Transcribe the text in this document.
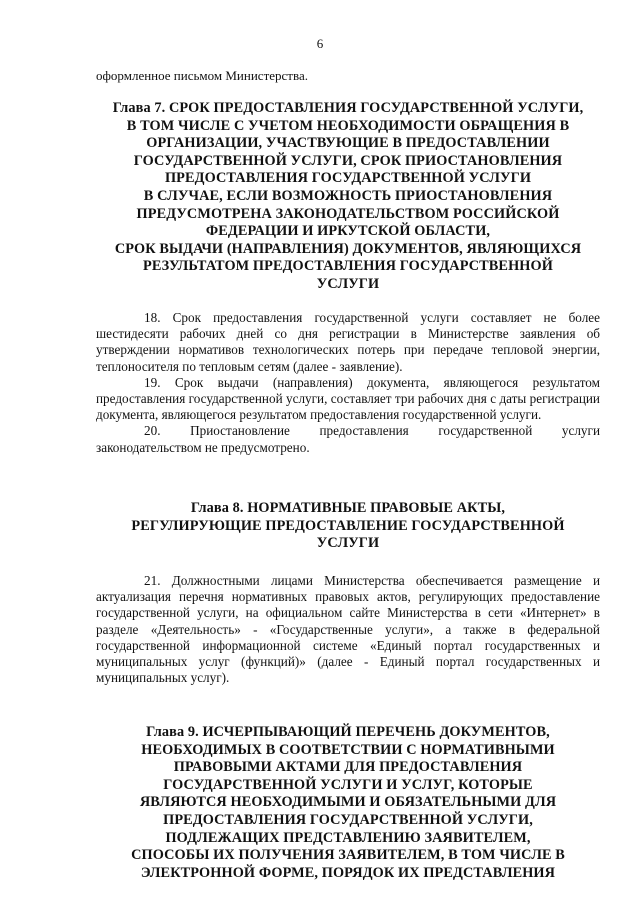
6
оформленное письмом Министерства.
Глава 7. СРОК ПРЕДОСТАВЛЕНИЯ ГОСУДАРСТВЕННОЙ УСЛУГИ,
В ТОМ ЧИСЛЕ С УЧЕТОМ НЕОБХОДИМОСТИ ОБРАЩЕНИЯ В
ОРГАНИЗАЦИИ, УЧАСТВУЮЩИЕ В ПРЕДОСТАВЛЕНИИ
ГОСУДАРСТВЕННОЙ УСЛУГИ, СРОК ПРИОСТАНОВЛЕНИЯ
ПРЕДОСТАВЛЕНИЯ ГОСУДАРСТВЕННОЙ УСЛУГИ
В СЛУЧАЕ, ЕСЛИ ВОЗМОЖНОСТЬ ПРИОСТАНОВЛЕНИЯ
ПРЕДУСМОТРЕНА ЗАКОНОДАТЕЛЬСТВОМ РОССИЙСКОЙ
ФЕДЕРАЦИИ И ИРКУТСКОЙ ОБЛАСТИ,
СРОК ВЫДАЧИ (НАПРАВЛЕНИЯ) ДОКУМЕНТОВ, ЯВЛЯЮЩИХСЯ
РЕЗУЛЬТАТОМ ПРЕДОСТАВЛЕНИЯ ГОСУДАРСТВЕННОЙ
УСЛУГИ

18. Срок предоставления государственной услуги составляет не более шестидесяти рабочих дней со дня регистрации в Министерстве заявления об утверждении нормативов технологических потерь при передаче тепловой энергии, теплоносителя по тепловым сетям (далее - заявление).

19. Срок выдачи (направления) документа, являющегося результатом предоставления государственной услуги, составляет три рабочих дня с даты регистрации документа, являющегося результатом предоставления государственной услуги.

20. Приостановление предоставления государственной услуги законодательством не предусмотрено.

Глава 8. НОРМАТИВНЫЕ ПРАВОВЫЕ АКТЫ,
РЕГУЛИРУЮЩИЕ ПРЕДОСТАВЛЕНИЕ ГОСУДАРСТВЕННОЙ
УСЛУГИ

21. Должностными лицами Министерства обеспечивается размещение и актуализация перечня нормативных правовых актов, регулирующих предоставление государственной услуги, на официальном сайте Министерства в сети «Интернет» в разделе «Деятельность» - «Государственные услуги», а также в федеральной государственной информационной системе «Единый портал государственных и муниципальных услуг (функций)» (далее - Единый портал государственных и муниципальных услуг).

Глава 9. ИСЧЕРПЫВАЮЩИЙ ПЕРЕЧЕНЬ ДОКУМЕНТОВ,
НЕОБХОДИМЫХ В СООТВЕТСТВИИ С НОРМАТИВНЫМИ
ПРАВОВЫМИ АКТАМИ ДЛЯ ПРЕДОСТАВЛЕНИЯ
ГОСУДАРСТВЕННОЙ УСЛУГИ И УСЛУГ, КОТОРЫЕ
ЯВЛЯЮТСЯ НЕОБХОДИМЫМИ И ОБЯЗАТЕЛЬНЫМИ ДЛЯ
ПРЕДОСТАВЛЕНИЯ ГОСУДАРСТВЕННОЙ УСЛУГИ,
ПОДЛЕЖАЩИХ ПРЕДСТАВЛЕНИЮ ЗАЯВИТЕЛЕМ,
СПОСОБЫ ИХ ПОЛУЧЕНИЯ ЗАЯВИТЕЛЕМ, В ТОМ ЧИСЛЕ В
ЭЛЕКТРОННОЙ ФОРМЕ, ПОРЯДОК ИХ ПРЕДСТАВЛЕНИЯ
